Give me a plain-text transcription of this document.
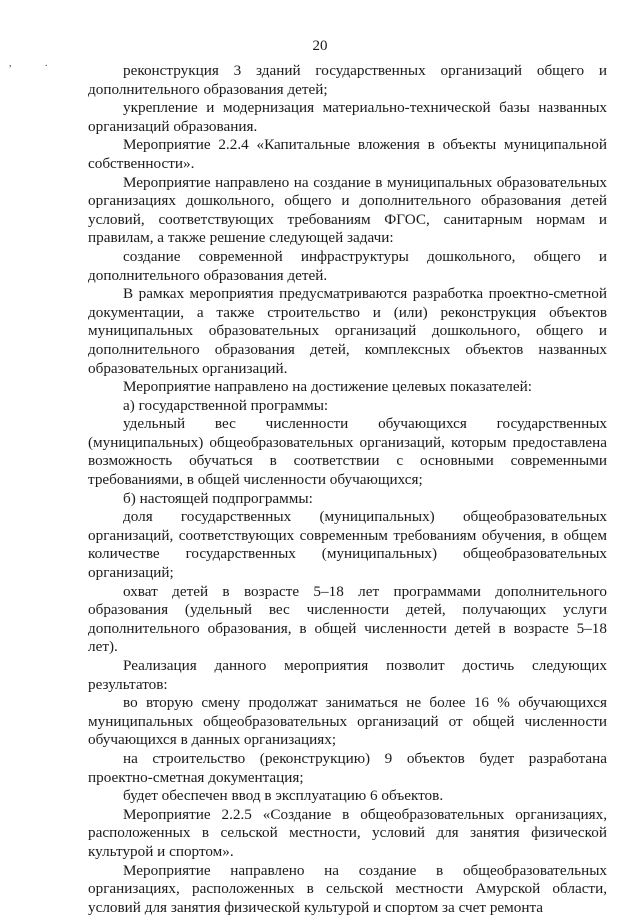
20
,	.	реконструкция 3 зданий государственных организаций общего и дополнительного образования детей;

укрепление и модернизация материально-технической базы названных организаций образования.

Мероприятие 2.2.4 «Капитальные вложения в объекты муниципальной собственности».

Мероприятие направлено на создание в муниципальных образовательных организациях дошкольного, общего и дополнительного образования детей условий, соответствующих требованиям ФГОС, санитарным нормам и правилам, а также решение следующей задачи:

создание современной инфраструктуры дошкольного, общего и дополнительного образования детей.

В рамках мероприятия предусматриваются разработка проектно-сметной документации, а также строительство и (или) реконструкция объектов муниципальных образовательных организаций дошкольного, общего и дополнительного образования детей, комплексных объектов названных образовательных организаций.

Мероприятие направлено на достижение целевых показателей:

а) государственной программы:

удельный вес численности обучающихся государственных (муниципальных) общеобразовательных организаций, которым предоставлена возможность обучаться в соответствии с основными современными требованиями, в общей численности обучающихся;

б) настоящей подпрограммы:

доля государственных (муниципальных) общеобразовательных организаций, соответствующих современным требованиям обучения, в общем количестве государственных (муниципальных) общеобразовательных организаций;

охват детей в возрасте 5–18 лет программами дополнительного образования (удельный вес численности детей, получающих услуги дополнительного образования, в общей численности детей в возрасте 5–18 лет).

Реализация данного мероприятия позволит достичь следующих результатов:

во вторую смену продолжат заниматься не более 16 % обучающихся муниципальных общеобразовательных организаций от общей численности обучающихся в данных организациях;

на строительство (реконструкцию) 9 объектов будет разработана проектно-сметная документация;

будет обеспечен ввод в эксплуатацию 6 объектов.

Мероприятие 2.2.5 «Создание в общеобразовательных организациях, расположенных в сельской местности, условий для занятия физической культурой и спортом».

Мероприятие направлено на создание в общеобразовательных организациях, расположенных в сельской местности Амурской области, условий для занятия физической культурой и спортом за счет ремонта
